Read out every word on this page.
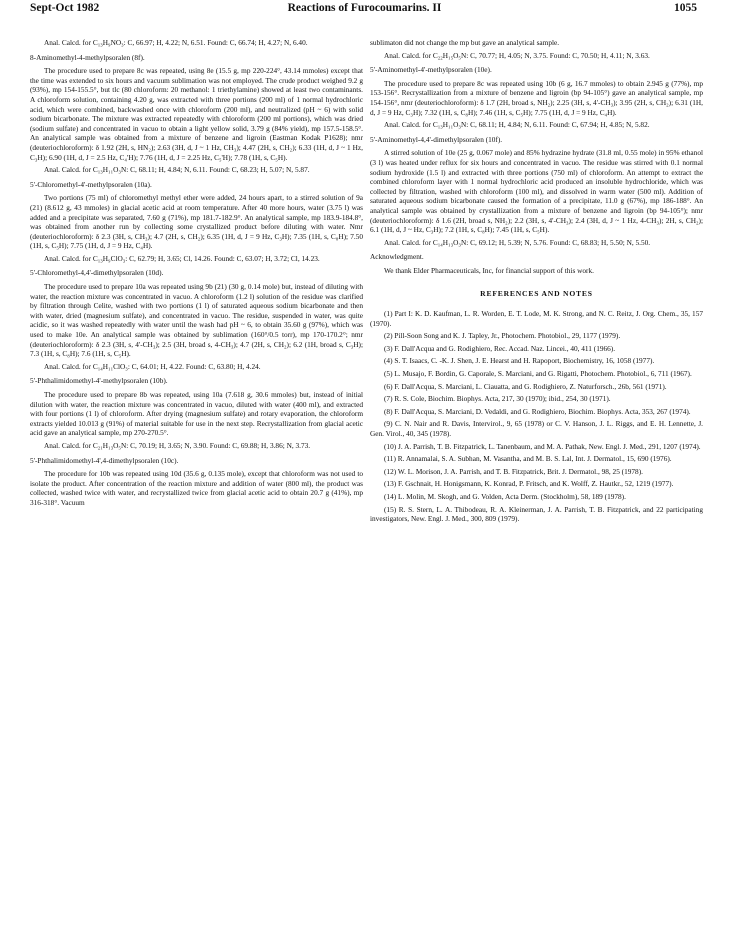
Sept-Oct 1982	Reactions of Furocoumarins. II	1055

Anal. Calcd. for C₁₃H₉NO₃: C, 66.97; H, 4.22; N, 6.51. Found: C, 66.74; H, 4.27; N, 6.40.

8-Aminomethyl-4-methylpsoralen (8f).

The procedure used to prepare 8c was repeated, using 8e (15.5 g, mp 220-224°, 43.14 mmoles) except that the time was extended to six hours and vacuum sublimation was not employed. The crude product weighed 9.2 g (93%), mp 154-155.5°, but tlc (80 chloroform: 20 methanol: 1 triethylamine) showed at least two contaminants. A chloroform solution, containing 4.20 g, was extracted with three portions (200 ml) of 1 normal hydrochloric acid, which were combined, backwashed once with chloroform (200 ml), and neutralized (pH ~ 6) with solid sodium bicarbonate. The mixture was extracted repeatedly with chloroform (200 ml portions), which was dried (sodium sulfate) and concentrated in vacuo to obtain a light yellow solid, 3.79 g (84% yield), mp 157.5-158.5°. An analytical sample was obtained from a mixture of benzene and ligroin (Eastman Kodak P1628); nmr (deuteriochloroform): δ 1.92 (2H, s, HN₂); 2.63 (3H, d, J ~ 1 Hz, CH₃); 4.47 (2H, s, CH₂); 6.33 (1H, d, J ~ 1 Hz, C₃H); 6.90 (1H, d, J = 2.5 Hz, C₄'H); 7.76 (1H, d, J = 2.25 Hz, C₅'H); 7.78 (1H, s, C₅H).

Anal. Calcd. for C₁₃H₁₁O₃N: C, 68.11; H, 4.84; N, 6.11. Found: C, 68.23; H, 5.07; N, 5.87.

5'-Chloromethyl-4'-methylpsoralen (10a).

Two portions (75 ml) of chloromethyl methyl ether were added, 24 hours apart, to a stirred solution of 9a (21) (8.612 g, 43 mmoles) in glacial acetic acid at room temperature. After 40 more hours, water (3.75 l) was added and a precipitate was separated, 7.60 g (71%), mp 181.7-182.9°. An analytical sample, mp 183.9-184.8°, was obtained from another run by collecting some crystallized product before diluting with water. Nmr (deuteriochloroform): δ 2.3 (3H, s, CH₃); 4.7 (2H, s, CH₂); 6.35 (1H, d, J = 9 Hz, C₃H); 7.35 (1H, s, C₈H); 7.50 (1H, s, C₅H); 7.75 (1H, d, J = 9 Hz, C₄H).

Anal. Calcd. for C₁₃H₉ClO₃: C, 62.79; H, 3.65; Cl, 14.26. Found: C, 63.07; H, 3.72; Cl, 14.23.

5'-Chloromethyl-4,4'-dimethylpsoralen (10d).

The procedure used to prepare 10a was repeated using 9b (21) (30 g, 0.14 mole) but, instead of diluting with water, the reaction mixture was concentrated in vacuo. A chloroform (1.2 l) solution of the residue was clarified by filtration through Celite, washed with two portions (1 l) of saturated aqueous sodium bicarbonate and then with water, dried (magnesium sulfate), and concentrated in vacuo. The residue, suspended in water, was quite acidic, so it was washed repeatedly with water until the wash had pH ~ 6, to obtain 35.60 g (97%), which was used to make 10e. An analytical sample was obtained by sublimation (160°/0.5 torr), mp 170-170.2°; nmr (deuteriochloroform): δ 2.3 (3H, s, 4'-CH₃); 2.5 (3H, broad s, 4-CH₃); 4.7 (2H, s, CH₂); 6.2 (1H, broad s, C₃H); 7.3 (1H, s, C₈H); 7.6 (1H, s, C₅H).

Anal. Calcd. for C₁₄H₁₁ClO₃: C, 64.01; H, 4.22. Found: C, 63.80; H, 4.24.

5'-Phthalimidomethyl-4'-methylpsoralen (10b).

The procedure used to prepare 8b was repeated, using 10a (7.618 g, 30.6 mmoles) but, instead of initial dilution with water, the reaction mixture was concentrated in vacuo, diluted with water (400 ml), and extracted with four portions (1 l) of chloroform. After drying (magnesium sulfate) and rotary evaporation, the chloroform extracts yielded 10.013 g (91%) of material suitable for use in the next step. Recrystallization from glacial acetic acid gave an analytical sample, mp 270-270.5°.

Anal. Calcd. for C₂₁H₁₃O₅N: C, 70.19; H, 3.65; N, 3.90. Found: C, 69.88; H, 3.86; N, 3.73.

5'-Phthalimidomethyl-4',4-dimethylpsoralen (10c).

The procedure for 10b was repeated using 10d (35.6 g, 0.135 mole), except that chloroform was not used to isolate the product. After concentration of the reaction mixture and addition of water (800 ml), the product was collected, washed twice with water, and recrystallized twice from glacial acetic acid to obtain 20.7 g (41%), mp 316-318°. Vacuum

sublimaton did not change the mp but gave an analytical sample.

Anal. Calcd. for C₂₂H₁₅O₅N: C, 70.77; H, 4.05; N, 3.75. Found: C, 70.50; H, 4.11; N, 3.63.

5'-Aminomethyl-4'-methylpsoralen (10e).

The procedure used to prepare 8c was repeated using 10b (6 g, 16.7 mmoles) to obtain 2.945 g (77%), mp 153-156°. Recrystallization from a mixture of benzene and ligroin (bp 94-105°) gave an analytical sample, mp 154-156°, nmr (deuteriochloroform): δ 1.7 (2H, broad s, NH₂); 2.25 (3H, s, 4'-CH₃); 3.95 (2H, s, CH₂); 6.31 (1H, d, J = 9 Hz, C₃H); 7.32 (1H, s, C₈H); 7.46 (1H, s, C₅H); 7.75 (1H, d, J = 9 Hz, C₄H).

Anal. Calcd. for C₁₃H₁₁O₃N: C, 68.11; H, 4.84; N, 6.11. Found: C, 67.94; H, 4.85; N, 5.82.

5'-Aminomethyl-4,4'-dimethylpsoralen (10f).

A stirred solution of 10e (25 g, 0.067 mole) and 85% hydrazine hydrate (31.8 ml, 0.55 mole) in 95% ethanol (3 l) was heated under reflux for six hours and concentrated in vacuo. The residue was stirred with 0.1 normal sodium hydroxide (1.5 l) and extracted with three portions (750 ml) of chloroform. An attempt to extract the combined chloroform layer with 1 normal hydrochloric acid produced an insoluble hydrochloride, which was collected by filtration, washed with chloroform (100 ml), and dissolved in warm water (500 ml). Addition of saturated aqueous sodium bicarbonate caused the formation of a precipitate, 11.0 g (67%), mp 186-188°. An analytical sample was obtained by crystallization from a mixture of benzene and ligroin (bp 94-105°); nmr (deuteriochloroform): δ 1.6 (2H, broad s, NH₂); 2.2 (3H, s, 4'-CH₃); 2.4 (3H, d, J ~ 1 Hz, 4-CH₃); 2H, s, CH₂); 6.1 (1H, d, J ~ Hz, C₃H); 7.2 (1H, s, C₈H); 7.45 (1H, s, C₅H).

Anal. Calcd. for C₁₄H₁₃O₃N: C, 69.12; H, 5.39; N, 5.76. Found: C, 68.83; H, 5.50; N, 5.50.

Acknowledgment.

We thank Elder Pharmaceuticals, Inc, for financial support of this work.

REFERENCES AND NOTES

(1) Part I: K. D. Kaufman, L. R. Worden, E. T. Lode, M. K. Strong, and N. C. Reitz, J. Org. Chem., 35, 157 (1970).

(2) Pill-Soon Song and K. J. Tapley, Jr., Photochem. Photobiol., 29, 1177 (1979).

(3) F. Dall'Acqua and G. Rodighiero, Rec. Accad. Naz. Lincei., 40, 411 (1966).

(4) S. T. Isaacs, C. -K. J. Shen, J. E. Hearst and H. Rapoport, Biochemistry, 16, 1058 (1977).

(5) L. Musajo, F. Bordin, G. Caporale, S. Marciani, and G. Rigatti, Photochem. Photobiol., 6, 711 (1967).

(6) F. Dall'Acqua, S. Marciani, L. Ciauatta, and G. Rodighiero, Z. Naturforsch., 26b, 561 (1971).

(7) R. S. Cole, Biochim. Biophys. Acta, 217, 30 (1970); ibid., 254, 30 (1971).

(8) F. Dall'Acqua, S. Marciani, D. Vedaldi, and G. Rodighiero, Biochim. Biophys. Acta, 353, 267 (1974).

(9) C. N. Nair and R. Davis, Intervirol., 9, 65 (1978) or C. V. Hanson, J. L. Riggs, and E. H. Lennette, J. Gen. Virol., 40, 345 (1978).

(10) J. A. Parrish, T. B. Fitzpatrick, L. Tanenbaum, and M. A. Pathak, New. Engl. J. Med., 291, 1207 (1974).

(11) R. Annamalai, S. A. Subhan, M. Vasantha, and M. B. S. Lal, Int. J. Dermatol., 15, 690 (1976).

(12) W. L. Morison, J. A. Parrish, and T. B. Fitzpatrick, Brit. J. Dermatol., 98, 25 (1978).

(13) F. Gschnait, H. Honigsmann, K. Konrad, P. Fritsch, and K. Wolff, Z. Hautkr., 52, 1219 (1977).

(14) L. Molin, M. Skogh, and G. Volden, Acta Derm. (Stockholm), 58, 189 (1978).

(15) R. S. Stern, L. A. Thibodeau, R. A. Kleinerman, J. A. Parrish, T. B. Fitzpatrick, and 22 participating investigators, New. Engl. J. Med., 300, 809 (1979).
